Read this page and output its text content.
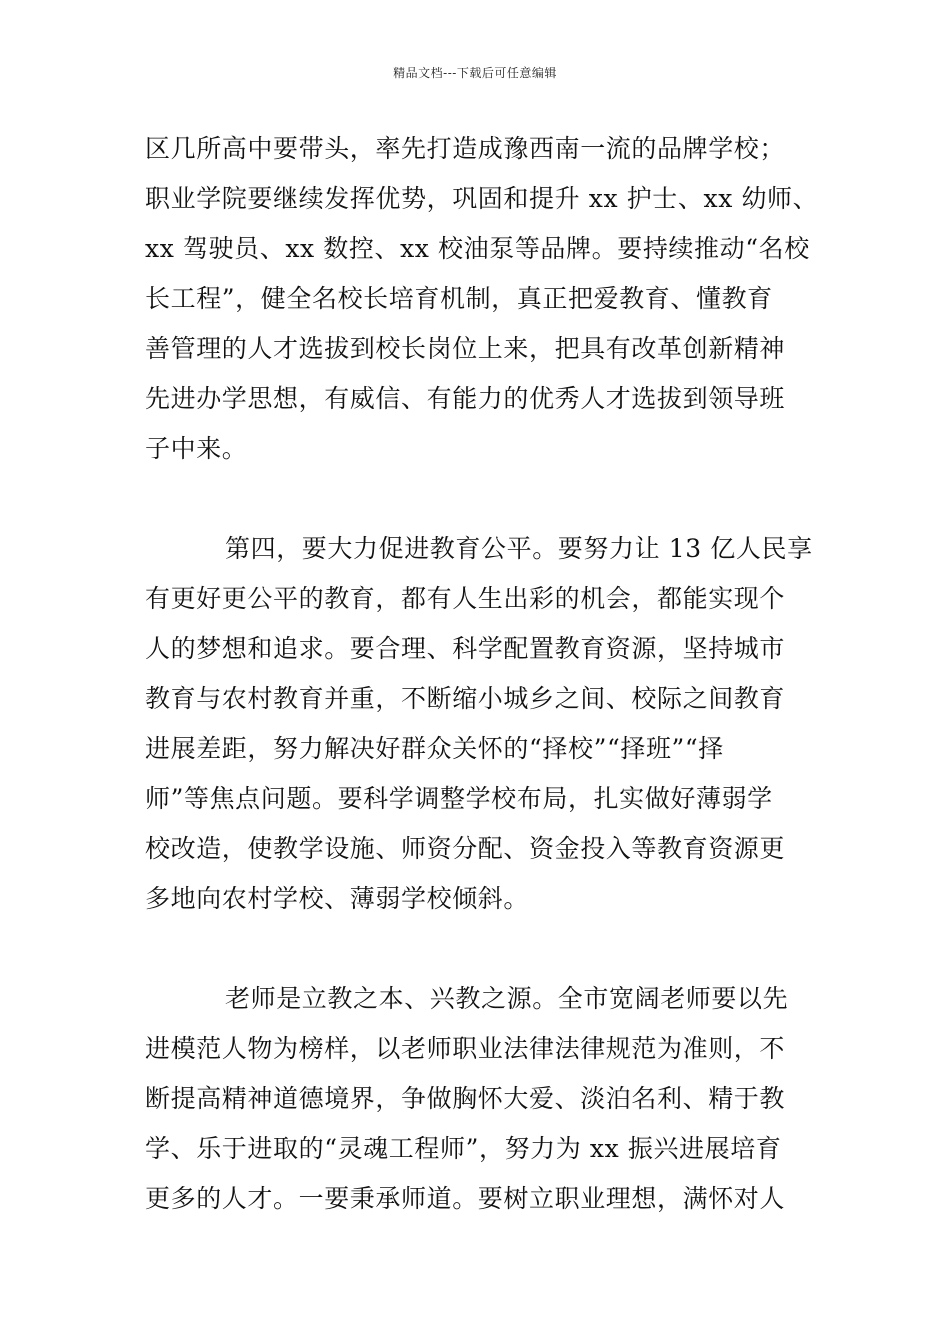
精品文档---下载后可任意编辑
区几所高中要带头，率先打造成豫西南一流的品牌学校；
职业学院要继续发挥优势，巩固和提升 xx 护士、xx 幼师、
xx 驾驶员、xx 数控、xx 校油泵等品牌。要持续推动“名校
长工程”，健全名校长培育机制，真正把爱教育、懂教育
善管理的人才选拔到校长岗位上来，把具有改革创新精神
先进办学思想，有威信、有能力的优秀人才选拔到领导班
子中来。
第四，要大力促进教育公平。要努力让 13 亿人民享
有更好更公平的教育，都有人生出彩的机会，都能实现个
人的梦想和追求。要合理、科学配置教育资源，坚持城市
教育与农村教育并重，不断缩小城乡之间、校际之间教育
进展差距，努力解决好群众关怀的“择校”“择班”“择
师”等焦点问题。要科学调整学校布局，扎实做好薄弱学
校改造，使教学设施、师资分配、资金投入等教育资源更
多地向农村学校、薄弱学校倾斜。
老师是立教之本、兴教之源。全市宽阔老师要以先
进模范人物为榜样，以老师职业法律法律规范为准则，不
断提高精神道德境界，争做胸怀大爱、淡泊名利、精于教
学、乐于进取的“灵魂工程师”，努力为 xx 振兴进展培育
更多的人才。一要秉承师道。要树立职业理想，满怀对人
